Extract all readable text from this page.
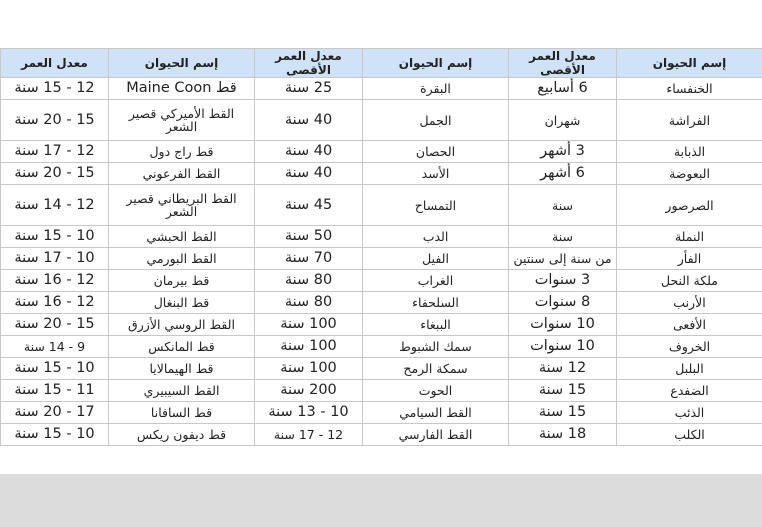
إسم الحيوان	معدل العمر الأقصى	إسم الحيوان	معدل العمر الأقصى	إسم الحيوان	معدل العمر
الخنفساء	6 أسابيع	البقرة	25 سنة	قط Maine Coon	12 - 15 سنة
الفراشة	شهران	الجمل	40 سنة	القط الأميركي قصير الشعر	15 - 20 سنة
الذبابة	3 أشهر	الحصان	40 سنة	قط راج دول	12 - 17 سنة
البعوضة	6 أشهر	الأسد	40 سنة	القط الفرعوني	15 - 20 سنة
الصرصور	سنة	التمساح	45 سنة	القط البريطاني قصير الشعر	12 - 14 سنة
النملة	سنة	الدب	50 سنة	القط الحبشي	10 - 15 سنة
الفأر	من سنة إلى سنتين	الفيل	70 سنة	القط البورمي	10 - 17 سنة
ملكة النحل	3 سنوات	الغراب	80 سنة	قط بيرمان	12 - 16 سنة
الأرنب	8 سنوات	السلحفاء	80 سنة	قط البنغال	12 - 16 سنة
الأفعى	10 سنوات	الببغاء	100 سنة	القط الروسي الأزرق	15 - 20 سنة
الخروف	10 سنوات	سمك الشبوط	100 سنة	قط المانكس	9 - 14 سنة
البلبل	12 سنة	سمكة الرمح	100 سنة	قط الهيمالايا	10 - 15 سنة
الضفدع	15 سنة	الحوت	200 سنة	القط السيبيري	11 - 15 سنة
الذئب	15 سنة	القط السيامي	10 - 13 سنة	قط السافانا	17 - 20 سنة
الكلب	18 سنة	القط الفارسي	12 - 17 سنة	قط ديفون ريكس	10 - 15 سنة
